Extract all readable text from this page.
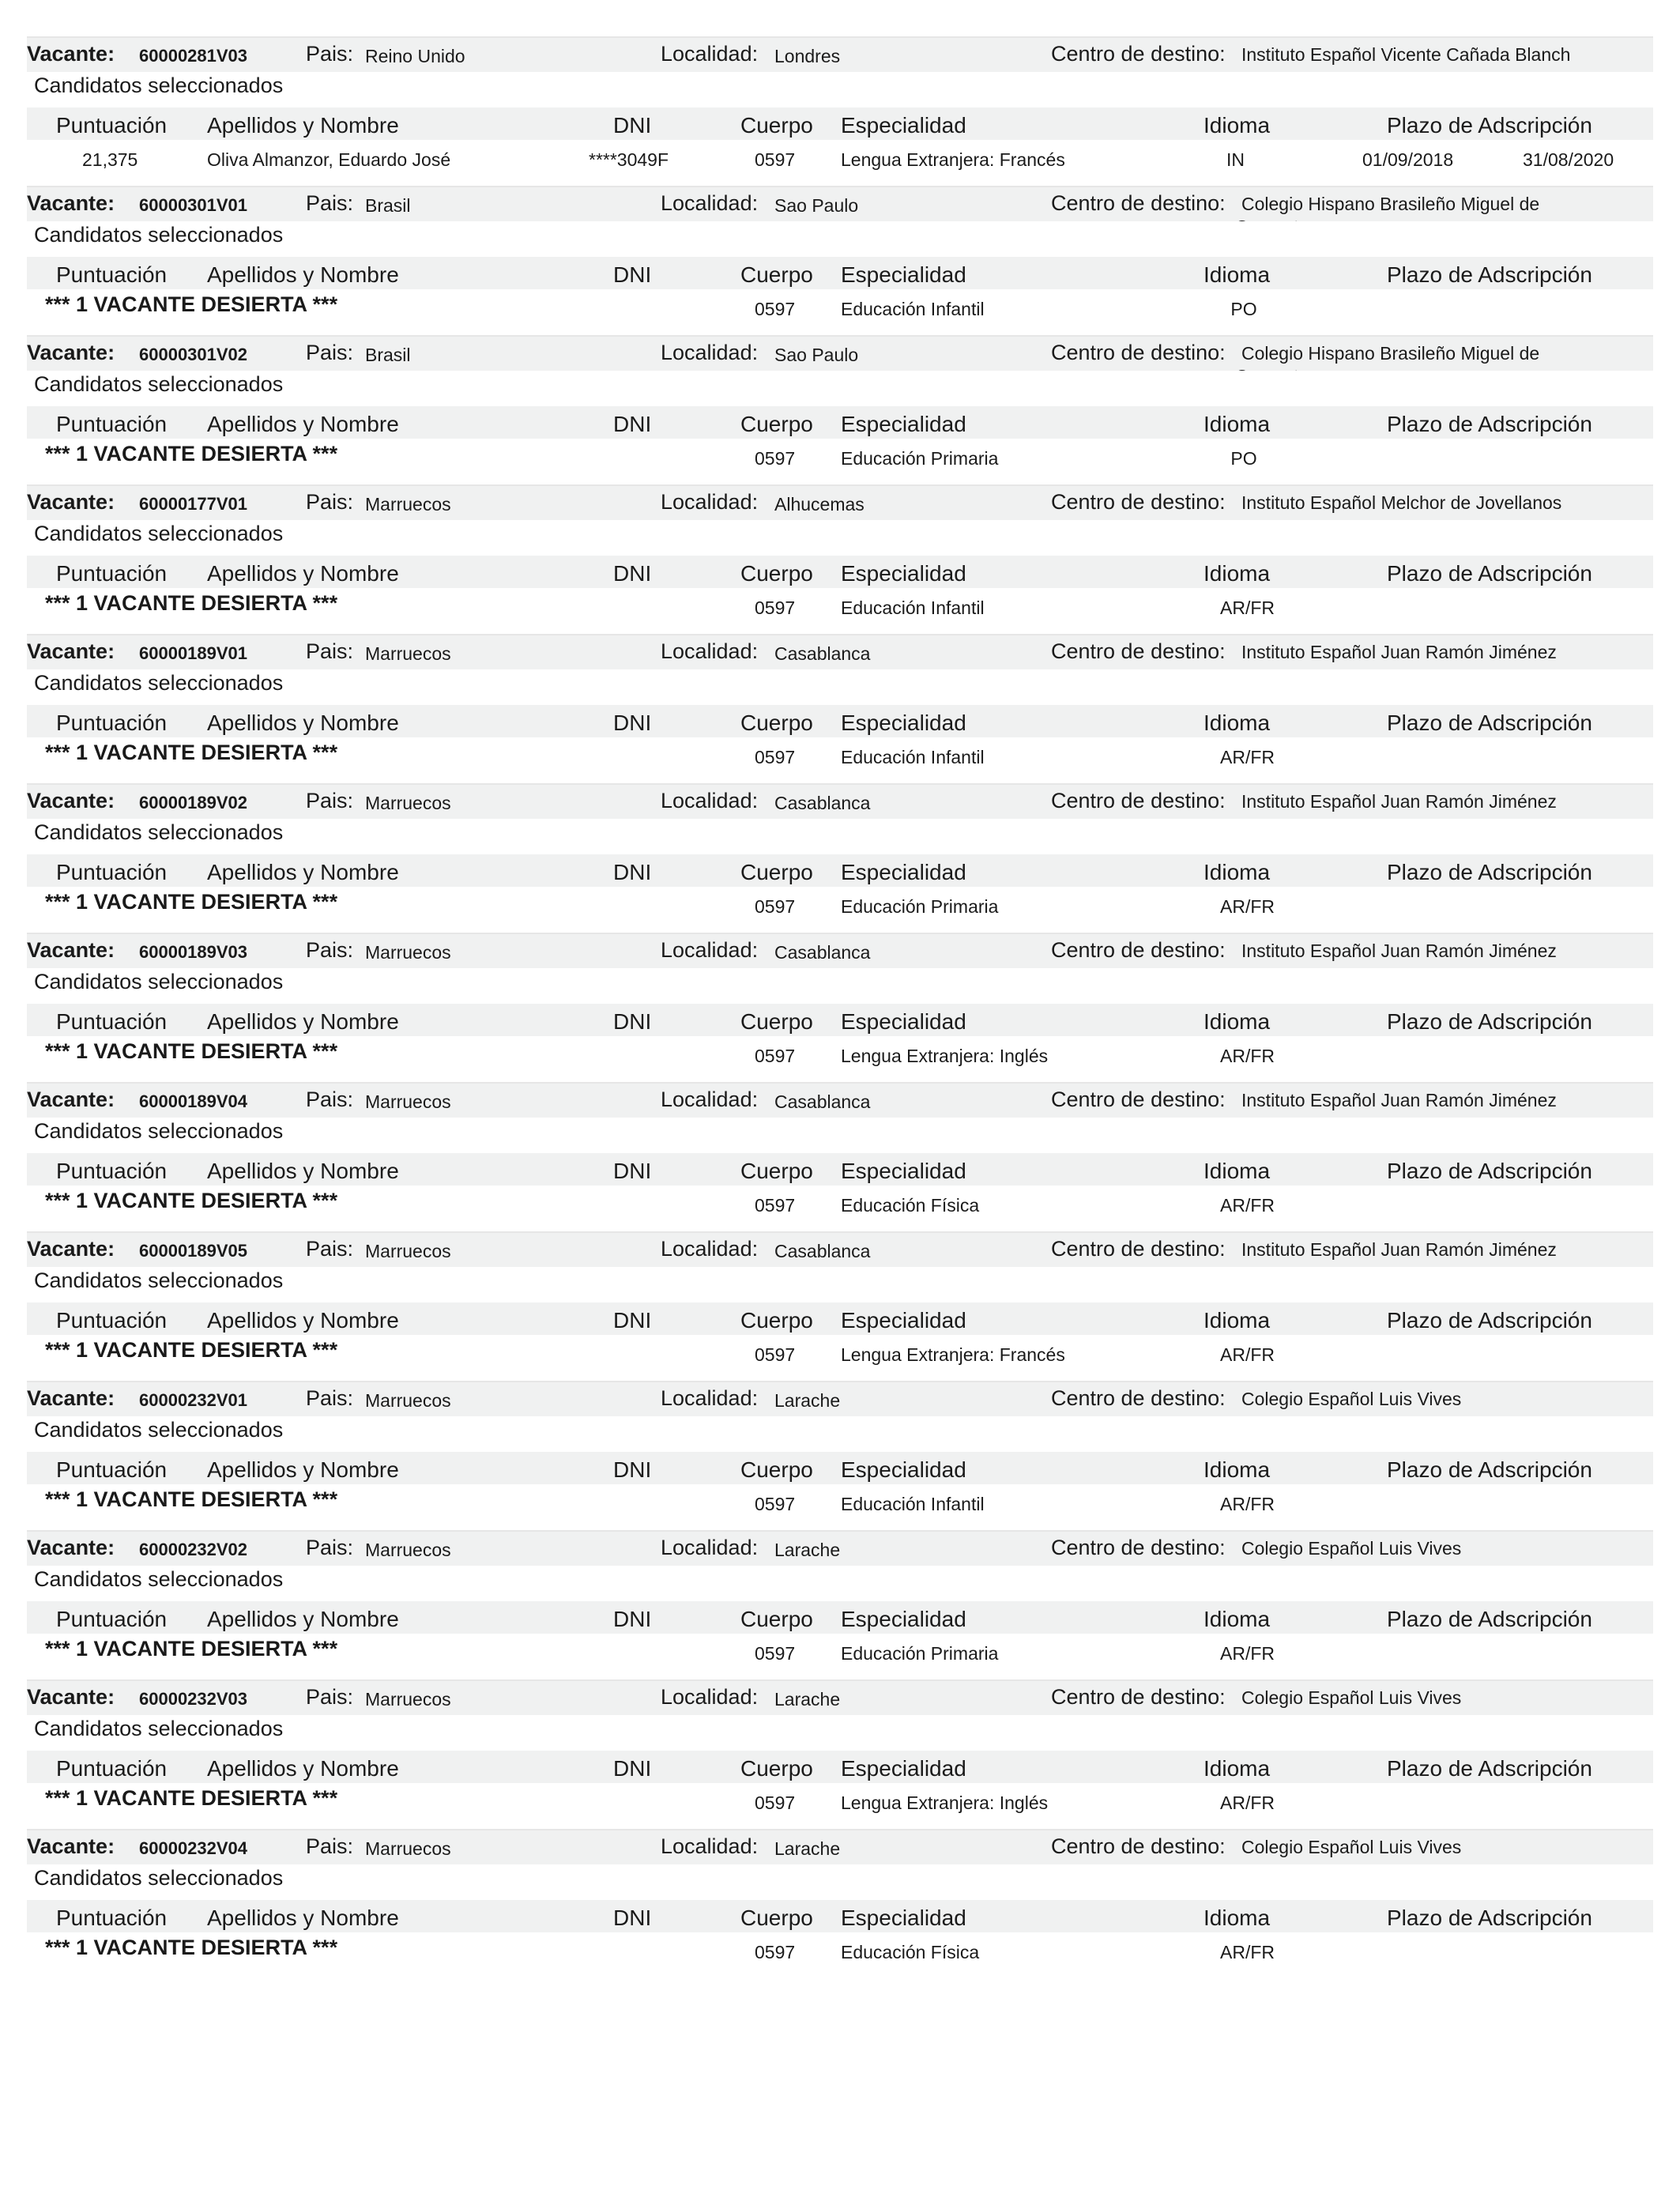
Vacante: 60000281V03	Pais: Reino Unido	Localidad: Londres	Centro de destino: Instituto Español Vicente Cañada Blanch
Candidatos seleccionados
Puntuación Apellidos y Nombre	DNI	Cuerpo Especialidad	Idioma	Plazo de Adscripción
21,375	Oliva Almanzor, Eduardo José	****3049F	0597	Lengua Extranjera: Francés	IN	01/09/2018	31/08/2020
Vacante: 60000301V01	Pais: Brasil	Localidad: Sao Paulo	Centro de destino: Colegio Hispano Brasileño Miguel de
Candidatos seleccionados
Puntuación Apellidos y Nombre	DNI	Cuerpo Especialidad	Idioma	Plazo de Adscripción
*** 1 VACANTE DESIERTA ***	0597	Educación Infantil	PO
Vacante: 60000301V02	Pais: Brasil	Localidad: Sao Paulo	Centro de destino: Colegio Hispano Brasileño Miguel de
Candidatos seleccionados
Puntuación Apellidos y Nombre	DNI	Cuerpo Especialidad	Idioma	Plazo de Adscripción
*** 1 VACANTE DESIERTA ***	0597	Educación Primaria	PO
Vacante: 60000177V01	Pais: Marruecos	Localidad: Alhucemas	Centro de destino: Instituto Español Melchor de Jovellanos
Candidatos seleccionados
Puntuación Apellidos y Nombre	DNI	Cuerpo Especialidad	Idioma	Plazo de Adscripción
*** 1 VACANTE DESIERTA ***	0597	Educación Infantil	AR/FR
Vacante: 60000189V01	Pais: Marruecos	Localidad: Casablanca	Centro de destino: Instituto Español Juan Ramón Jiménez
Candidatos seleccionados
Puntuación Apellidos y Nombre	DNI	Cuerpo Especialidad	Idioma	Plazo de Adscripción
*** 1 VACANTE DESIERTA ***	0597	Educación Infantil	AR/FR
Vacante: 60000189V02	Pais: Marruecos	Localidad: Casablanca	Centro de destino: Instituto Español Juan Ramón Jiménez
Candidatos seleccionados
Puntuación Apellidos y Nombre	DNI	Cuerpo Especialidad	Idioma	Plazo de Adscripción
*** 1 VACANTE DESIERTA ***	0597	Educación Primaria	AR/FR
Vacante: 60000189V03	Pais: Marruecos	Localidad: Casablanca	Centro de destino: Instituto Español Juan Ramón Jiménez
Candidatos seleccionados
Puntuación Apellidos y Nombre	DNI	Cuerpo Especialidad	Idioma	Plazo de Adscripción
*** 1 VACANTE DESIERTA ***	0597	Lengua Extranjera: Inglés	AR/FR
Vacante: 60000189V04	Pais: Marruecos	Localidad: Casablanca	Centro de destino: Instituto Español Juan Ramón Jiménez
Candidatos seleccionados
Puntuación Apellidos y Nombre	DNI	Cuerpo Especialidad	Idioma	Plazo de Adscripción
*** 1 VACANTE DESIERTA ***	0597	Educación Física	AR/FR
Vacante: 60000189V05	Pais: Marruecos	Localidad: Casablanca	Centro de destino: Instituto Español Juan Ramón Jiménez
Candidatos seleccionados
Puntuación Apellidos y Nombre	DNI	Cuerpo Especialidad	Idioma	Plazo de Adscripción
*** 1 VACANTE DESIERTA ***	0597	Lengua Extranjera: Francés	AR/FR
Vacante: 60000232V01	Pais: Marruecos	Localidad: Larache	Centro de destino: Colegio Español Luis Vives
Candidatos seleccionados
Puntuación Apellidos y Nombre	DNI	Cuerpo Especialidad	Idioma	Plazo de Adscripción
*** 1 VACANTE DESIERTA ***	0597	Educación Infantil	AR/FR
Vacante: 60000232V02	Pais: Marruecos	Localidad: Larache	Centro de destino: Colegio Español Luis Vives
Candidatos seleccionados
Puntuación Apellidos y Nombre	DNI	Cuerpo Especialidad	Idioma	Plazo de Adscripción
*** 1 VACANTE DESIERTA ***	0597	Educación Primaria	AR/FR
Vacante: 60000232V03	Pais: Marruecos	Localidad: Larache	Centro de destino: Colegio Español Luis Vives
Candidatos seleccionados
Puntuación Apellidos y Nombre	DNI	Cuerpo Especialidad	Idioma	Plazo de Adscripción
*** 1 VACANTE DESIERTA ***	0597	Lengua Extranjera: Inglés	AR/FR
Vacante: 60000232V04	Pais: Marruecos	Localidad: Larache	Centro de destino: Colegio Español Luis Vives
Candidatos seleccionados
Puntuación Apellidos y Nombre	DNI	Cuerpo Especialidad	Idioma	Plazo de Adscripción
*** 1 VACANTE DESIERTA ***	0597	Educación Física	AR/FR
